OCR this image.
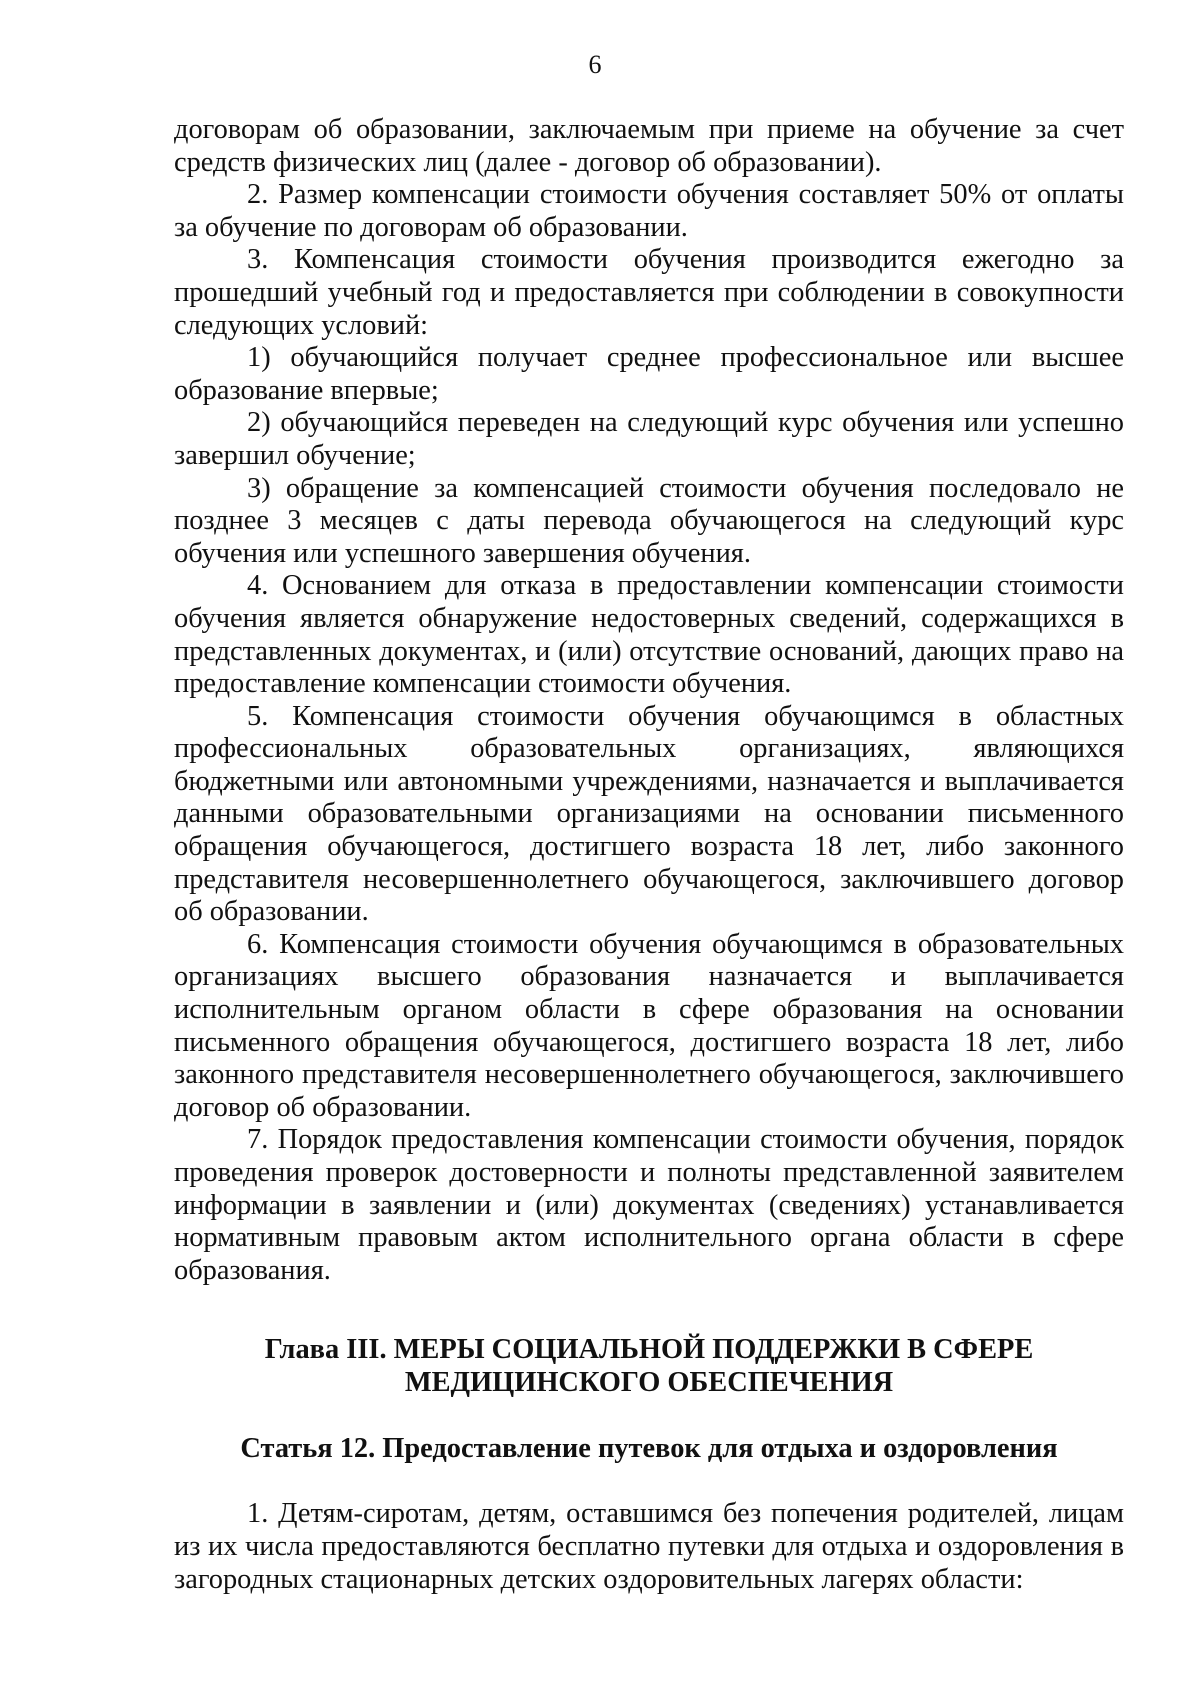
6

договорам об образовании, заключаемым при приеме на обучение за счет средств физических лиц (далее - договор об образовании).

2. Размер компенсации стоимости обучения составляет 50% от оплаты за обучение по договорам об образовании.

3. Компенсация стоимости обучения производится ежегодно за прошедший учебный год и предоставляется при соблюдении в совокупности следующих условий:

1) обучающийся получает среднее профессиональное или высшее образование впервые;

2) обучающийся переведен на следующий курс обучения или успешно завершил обучение;

3) обращение за компенсацией стоимости обучения последовало не позднее 3 месяцев с даты перевода обучающегося на следующий курс обучения или успешного завершения обучения.

4. Основанием для отказа в предоставлении компенсации стоимости обучения является обнаружение недостоверных сведений, содержащихся в представленных документах, и (или) отсутствие оснований, дающих право на предоставление компенсации стоимости обучения.

5. Компенсация стоимости обучения обучающимся в областных профессиональных образовательных организациях, являющихся бюджетными или автономными учреждениями, назначается и выплачивается данными образовательными организациями на основании письменного обращения обучающегося, достигшего возраста 18 лет, либо законного представителя несовершеннолетнего обучающегося, заключившего договор об образовании.

6. Компенсация стоимости обучения обучающимся в образовательных организациях высшего образования назначается и выплачивается исполнительным органом области в сфере образования на основании письменного обращения обучающегося, достигшего возраста 18 лет, либо законного представителя несовершеннолетнего обучающегося, заключившего договор об образовании.

7. Порядок предоставления компенсации стоимости обучения, порядок проведения проверок достоверности и полноты представленной заявителем информации в заявлении и (или) документах (сведениях) устанавливается нормативным правовым актом исполнительного органа области в сфере образования.

Глава III. МЕРЫ СОЦИАЛЬНОЙ ПОДДЕРЖКИ В СФЕРЕ
МЕДИЦИНСКОГО ОБЕСПЕЧЕНИЯ

Статья 12. Предоставление путевок для отдыха и оздоровления

1. Детям-сиротам, детям, оставшимся без попечения родителей, лицам из их числа предоставляются бесплатно путевки для отдыха и оздоровления в загородных стационарных детских оздоровительных лагерях области:
